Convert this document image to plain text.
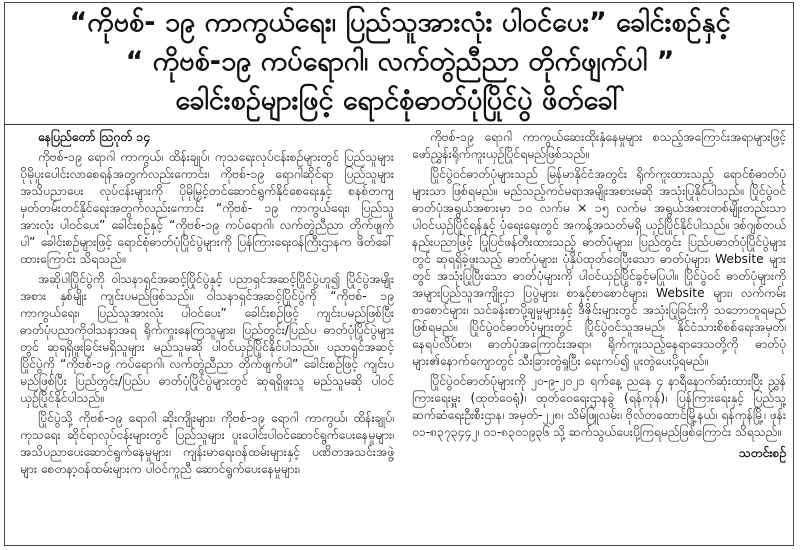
“ကိုဗစ်- ၁၉ ကာကွယ်ရေး၊ ပြည်သူအားလုံး ပါဝင်ပေး” ခေါင်းစဉ်နှင့်
“ ကိုဗစ်-၁၉ ကပ်ရောဂါ၊ လက်တွဲညီညာ တိုက်ဖျက်ပါ ”
ခေါင်းစဉ်များဖြင့် ရောင်စုံဓာတ်ပုံပြိုင်ပွဲ ဖိတ်ခေါ်

နေပြည်တော် ဩဂုတ် ၁၄

ကိုဗစ်-၁၉ ရောဂါ ကာကွယ်၊ ထိန်းချုပ်၊ ကုသရေးလုပ်ငန်းစဉ်များတွင် ပြည်သူများ ပိုမိုပူးပေါင်းလာစေရန်အတွက်လည်းကောင်း၊ ကိုဗစ်-၁၉ ရောဂါဆိုင်ရာ ပြည်သူများအသိပညာပေး လုပ်ငန်းများကို ပိုမိုမြှင့်တင်ဆောင်ရွက်နိုင်စေရေးနှင့် စနစ်တကျ မှတ်တမ်းတင်နိုင်ရေးအတွက်လည်းကောင်း “ကိုဗစ်- ၁၉ ကာကွယ်ရေး၊ ပြည်သူအားလုံး ပါဝင်ပေး” ခေါင်းစဉ်နှင့် “ကိုဗစ်-၁၉ ကပ်ရောဂါ၊ လက်တွဲညီညာ တိုက်ဖျက်ပါ” ခေါင်းစဉ်များဖြင့် ရောင်စုံဓာတ်ပုံပြိုင်ပွဲများကို ပြန်ကြားရေးဝန်ကြီးဌာနက ဖိတ်ခေါ်ထားကြောင်း သိရသည်။

အဆိုပါပြိုင်ပွဲကို ဝါသနာရှင်အဆင့်ပြိုင်ပွဲနှင့် ပညာရှင်အဆင့်ပြိုင်ပွဲဟူ၍ ပြိုင်ပွဲအမျိုးအစား နှစ်မျိုး ကျင်းပမည်ဖြစ်သည်။ ဝါသနာရှင်အဆင့်ပြိုင်ပွဲကို “ကိုဗစ်- ၁၉ ကာကွယ်ရေး၊ ပြည်သူအားလုံး ပါဝင်ပေး” ခေါင်းစဉ်ဖြင့် ကျင်းပမည်ဖြစ်ပြီး ဓာတ်ပုံပညာကိုဝါသနာအရ ရိုက်ကူးနေကြသူများ၊ ပြည်တွင်း/ပြည်ပ ဓာတ်ပုံပြိုင်ပွဲများတွင် ဆုရရှိဖူးခြင်းမရှိသူများ မည်သူမဆို ပါဝင်ယှဉ်ပြိုင်နိုင်ပါသည်။ ပညာရှင်အဆင့် ပြိုင်ပွဲကို “ကိုဗစ်-၁၉ ကပ်ရောဂါ၊ လက်တွဲညီညာ တိုက်ဖျက်ပါ” ခေါင်းစဉ်ဖြင့် ကျင်းပမည်ဖြစ်ပြီး ပြည်တွင်း/ပြည်ပ ဓာတ်ပုံပြိုင်ပွဲများတွင် ဆုရရှိဖူးသူ မည်သူမဆို ပါဝင်ယှဉ်ပြိုင်နိုင်ပါသည်။

ပြိုင်ပွဲသို့ ကိုဗစ်-၁၉ ရောဂါ ဆိုးကျိုးများ၊ ကိုဗစ်-၁၉ ရောဂါ ကာကွယ်၊ ထိန်းချုပ်၊ ကုသရေး ဆိုင်ရာလုပ်ငန်းများတွင် ပြည်သူများ ပူးပေါင်းပါဝင်ဆောင်ရွက်ပေးနေမှုများ၊ အသိပညာပေးဆောင်ရွက်နေမှုများ၊ ကျန်းမာရေးဝန်ထမ်းများနှင့် ပဏိတအသင်းအဖွဲ့များ စေတနာ့ဝန်ထမ်းများက ပါဝင်ကူညီ ဆောင်ရွက်ပေးနေမှုများ၊

ကိုဗစ်-၁၉ ရောဂါ ကာကွယ်ဆေးထိုးနှံနေမှုများ စသည့်အကြောင်းအရာများဖြင့် ဖော်ညွှန်းရိုက်ကူးယှဉ်ပြိုင်ရမည်ဖြစ်သည်။

ပြိုင်ပွဲဝင်ဓာတ်ပုံများသည် မြန်မာနိုင်ငံအတွင်း ရိုက်ကူးထားသည့် ရောင်စုံဓာတ်ပုံများသာ ဖြစ်ရမည်။ မည်သည့်ကင်မရာအမျိုးအစားမဆို အသုံးပြုနိုင်ပါသည်။ ပြိုင်ပွဲဝင် ဓာတ်ပုံအရွယ်အစားမှာ ၁၀ လက်မ × ၁၅ လက်မ အရွယ်အစားတစ်မျိုးတည်းသာ ပါဝင်ယှဉ်ပြိုင်ရန်နှင့် ပုံရေးရေးတွင် အကန့်အသတ်မရှိ ယှဉ်ပြိုင်နိုင်ပါသည်။ ဒစ်ဂျစ်တယ်နည်းပညာဖြင့် ပြုပြင်ဖန်တီးထားသည့် ဓာတ်ပုံများ၊ ပြည်တွင်း ပြည်ပဓာတ်ပုံပြိုင်ပွဲများတွင် ဆုရရှိခဲ့ဖူးသည့် ဓာတ်ပုံများ၊ ပုံနှိပ်ထုတ်ဝေပြီးသော ဓာတ်ပုံများ၊ Website များတွင် အသုံးပြုပြီးသော ဓာတ်ပုံများကို ပါဝင်ယှဉ်ပြိုင်ခွင့်မပြုပါ။ ပြိုင်ပွဲဝင် ဓာတ်ပုံများကို အများပြည်သူအကျိုးငှာ ပြပွဲများ၊ စာနှင့်စာစောင်များ၊ Website များ၊ လက်ကမ်းစာစောင်များ၊ သင်ခန်းစာပို့ချမှုများနှင့် ဒီဇိုင်းများတွင် အသုံးပြုခြင်းကို သဘောတူရမည် ဖြစ်ရမည်။ ပြိုင်ပွဲဝင်ဓာတ်ပုံများတွင် ပြိုင်ပွဲဝင်သူအမည်၊ နိုင်ငံသားစိစစ်ရေးအမှတ်၊ နေရပ်လိပ်စာ၊ ဓာတ်ပုံအကြောင်းအရာ၊ ရိုက်ကူးသည့်နေရာဒေသတို့ကို ဓာတ်ပုံများ၏နောက်ကျောတွင် သီးခြားတွဲရှုပြီး ရေးကပ်၍ ပူးတွဲပေးပို့ရမည်။

ပြိုင်ပွဲဝင်ဓာတ်ပုံများကို ၂၀-၉-၂၀၂၁ ရက်နေ့ ညနေ ၄ နာရီနောက်ဆုံးထားပြီး ညွှန်ကြားရေးမှူး (ထုတ်ဝေရုံ)၊ ထုတ်ဝေရေးဌာနခွဲ (ရန်ကုန်)၊ ပြန်ကြားရေးနှင့် ပြည်သူ့ဆက်ဆံရေးဦးစီးဌာန၊ အမှတ်-၂၂၈၊ သိမ်ဖြူလမ်း၊ ဗိုလ်တထောင်မြို့နယ်၊ ရန်ကုန်မြို့၊ ဖုန်း ၀၁-၈၃၇၃၄၄၂၊ ၀၁-၈၃၀၁၉၃၆ သို့ ဆက်သွယ်ပေးပို့ကြရမည်ဖြစ်ကြောင်း သိရသည်။

သတင်းစဉ်
